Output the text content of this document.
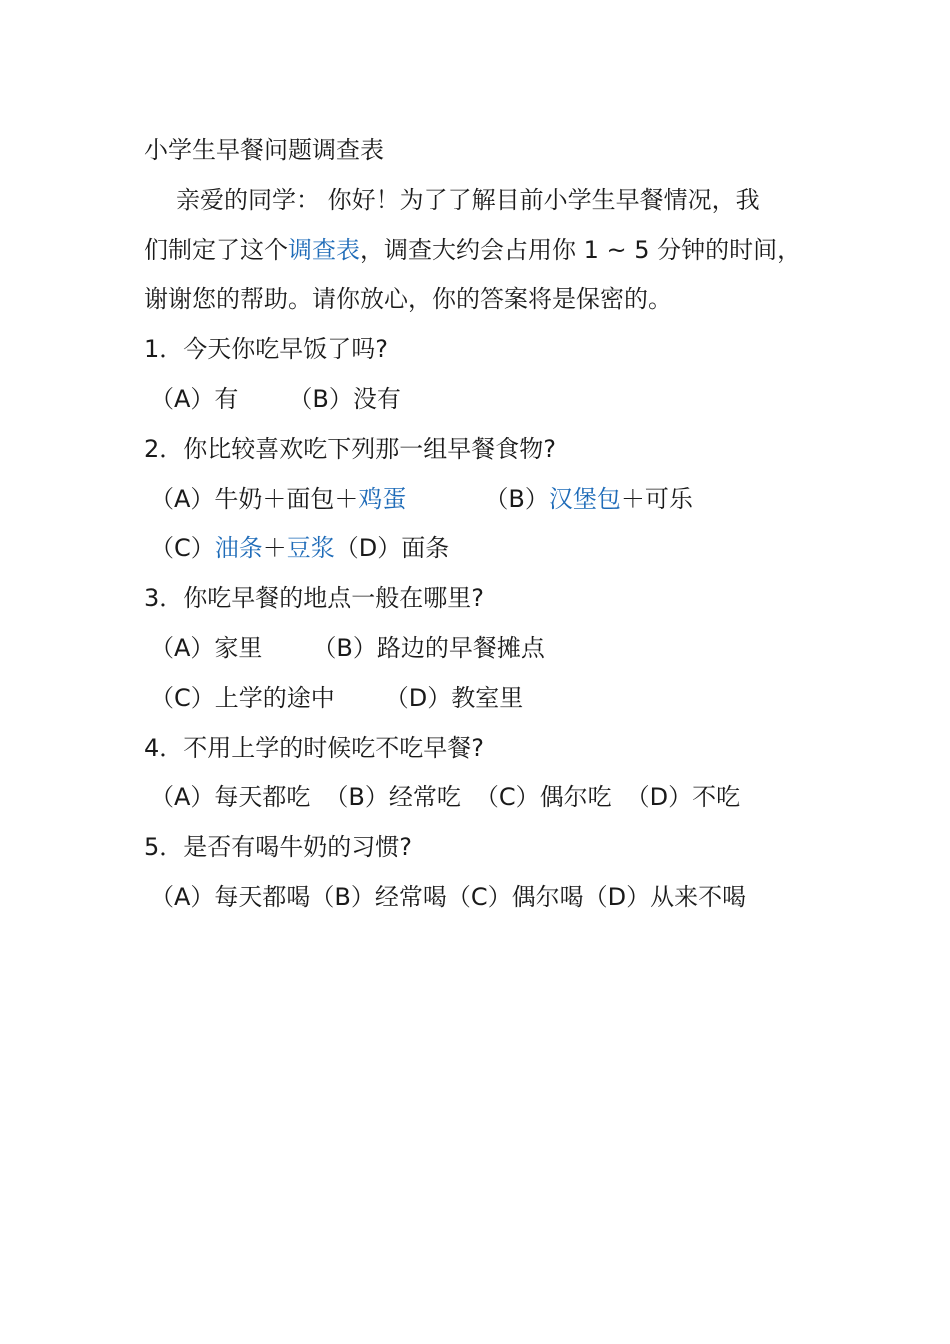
小学生早餐问题调查表
亲爱的同学： 你好！为了了解目前小学生早餐情况，我
们制定了这个调查表，调查大约会占用你 1 ~ 5 分钟的时间，
谢谢您的帮助。请你放心，你的答案将是保密的。
1．今天你吃早饭了吗?
（A）有 （B）没有
2．你比较喜欢吃下列那一组早餐食物?
（A）牛奶＋面包＋鸡蛋	（B）汉堡包＋可乐
（C）油条＋豆浆（D）面条
3．你吃早餐的地点一般在哪里?
（A）家里 （B）路边的早餐摊点
（C）上学的途中 （D）教室里
4．不用上学的时候吃不吃早餐?
（A）每天都吃 （B）经常吃 （C）偶尔吃 （D）不吃
5．是否有喝牛奶的习惯?
（A）每天都喝（B）经常喝（C）偶尔喝（D）从来不喝
